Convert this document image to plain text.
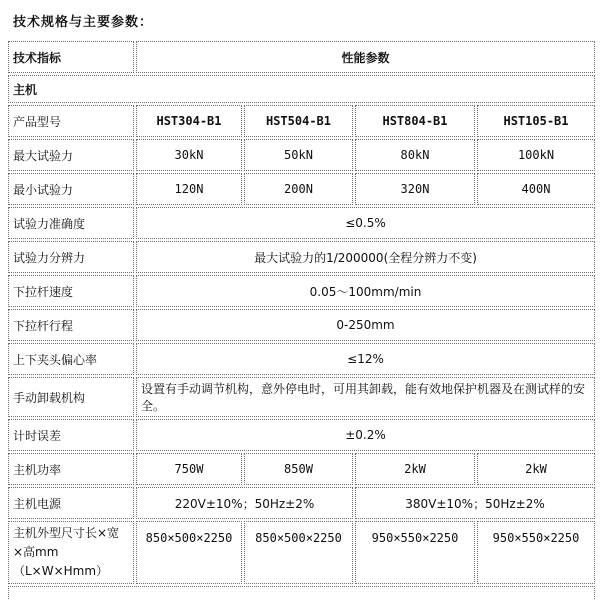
技术规格与主要参数：
技术指标	性能参数			
主机				
产品型号	HST304-B1	HST504-B1	HST804-B1	HST105-B1
最大试验力	30kN	50kN	80kN	100kN
最小试验力	120N	200N	320N	400N
试验力准确度	≤0.5%			
试验力分辨力	最大试验力的1/200000(全程分辨力不变)			
下拉杆速度	0.05～100mm/min			
下拉杆行程	0-250mm			
上下夹头偏心率	≤12%			
手动卸载机构	设置有手动调节机构，意外停电时，可用其卸载，能有效地保护机器及在测试样的安全。			
计时误差	±0.2%			
主机功率	750W	850W	2kW	2kW
主机电源	220V±10%；50Hz±2%		380V±10%；50Hz±2%	
主机外型尺寸长×宽×高mm（L×W×Hmm）	850×500×2250	850×500×2250	950×550×2250	950×550×2250
